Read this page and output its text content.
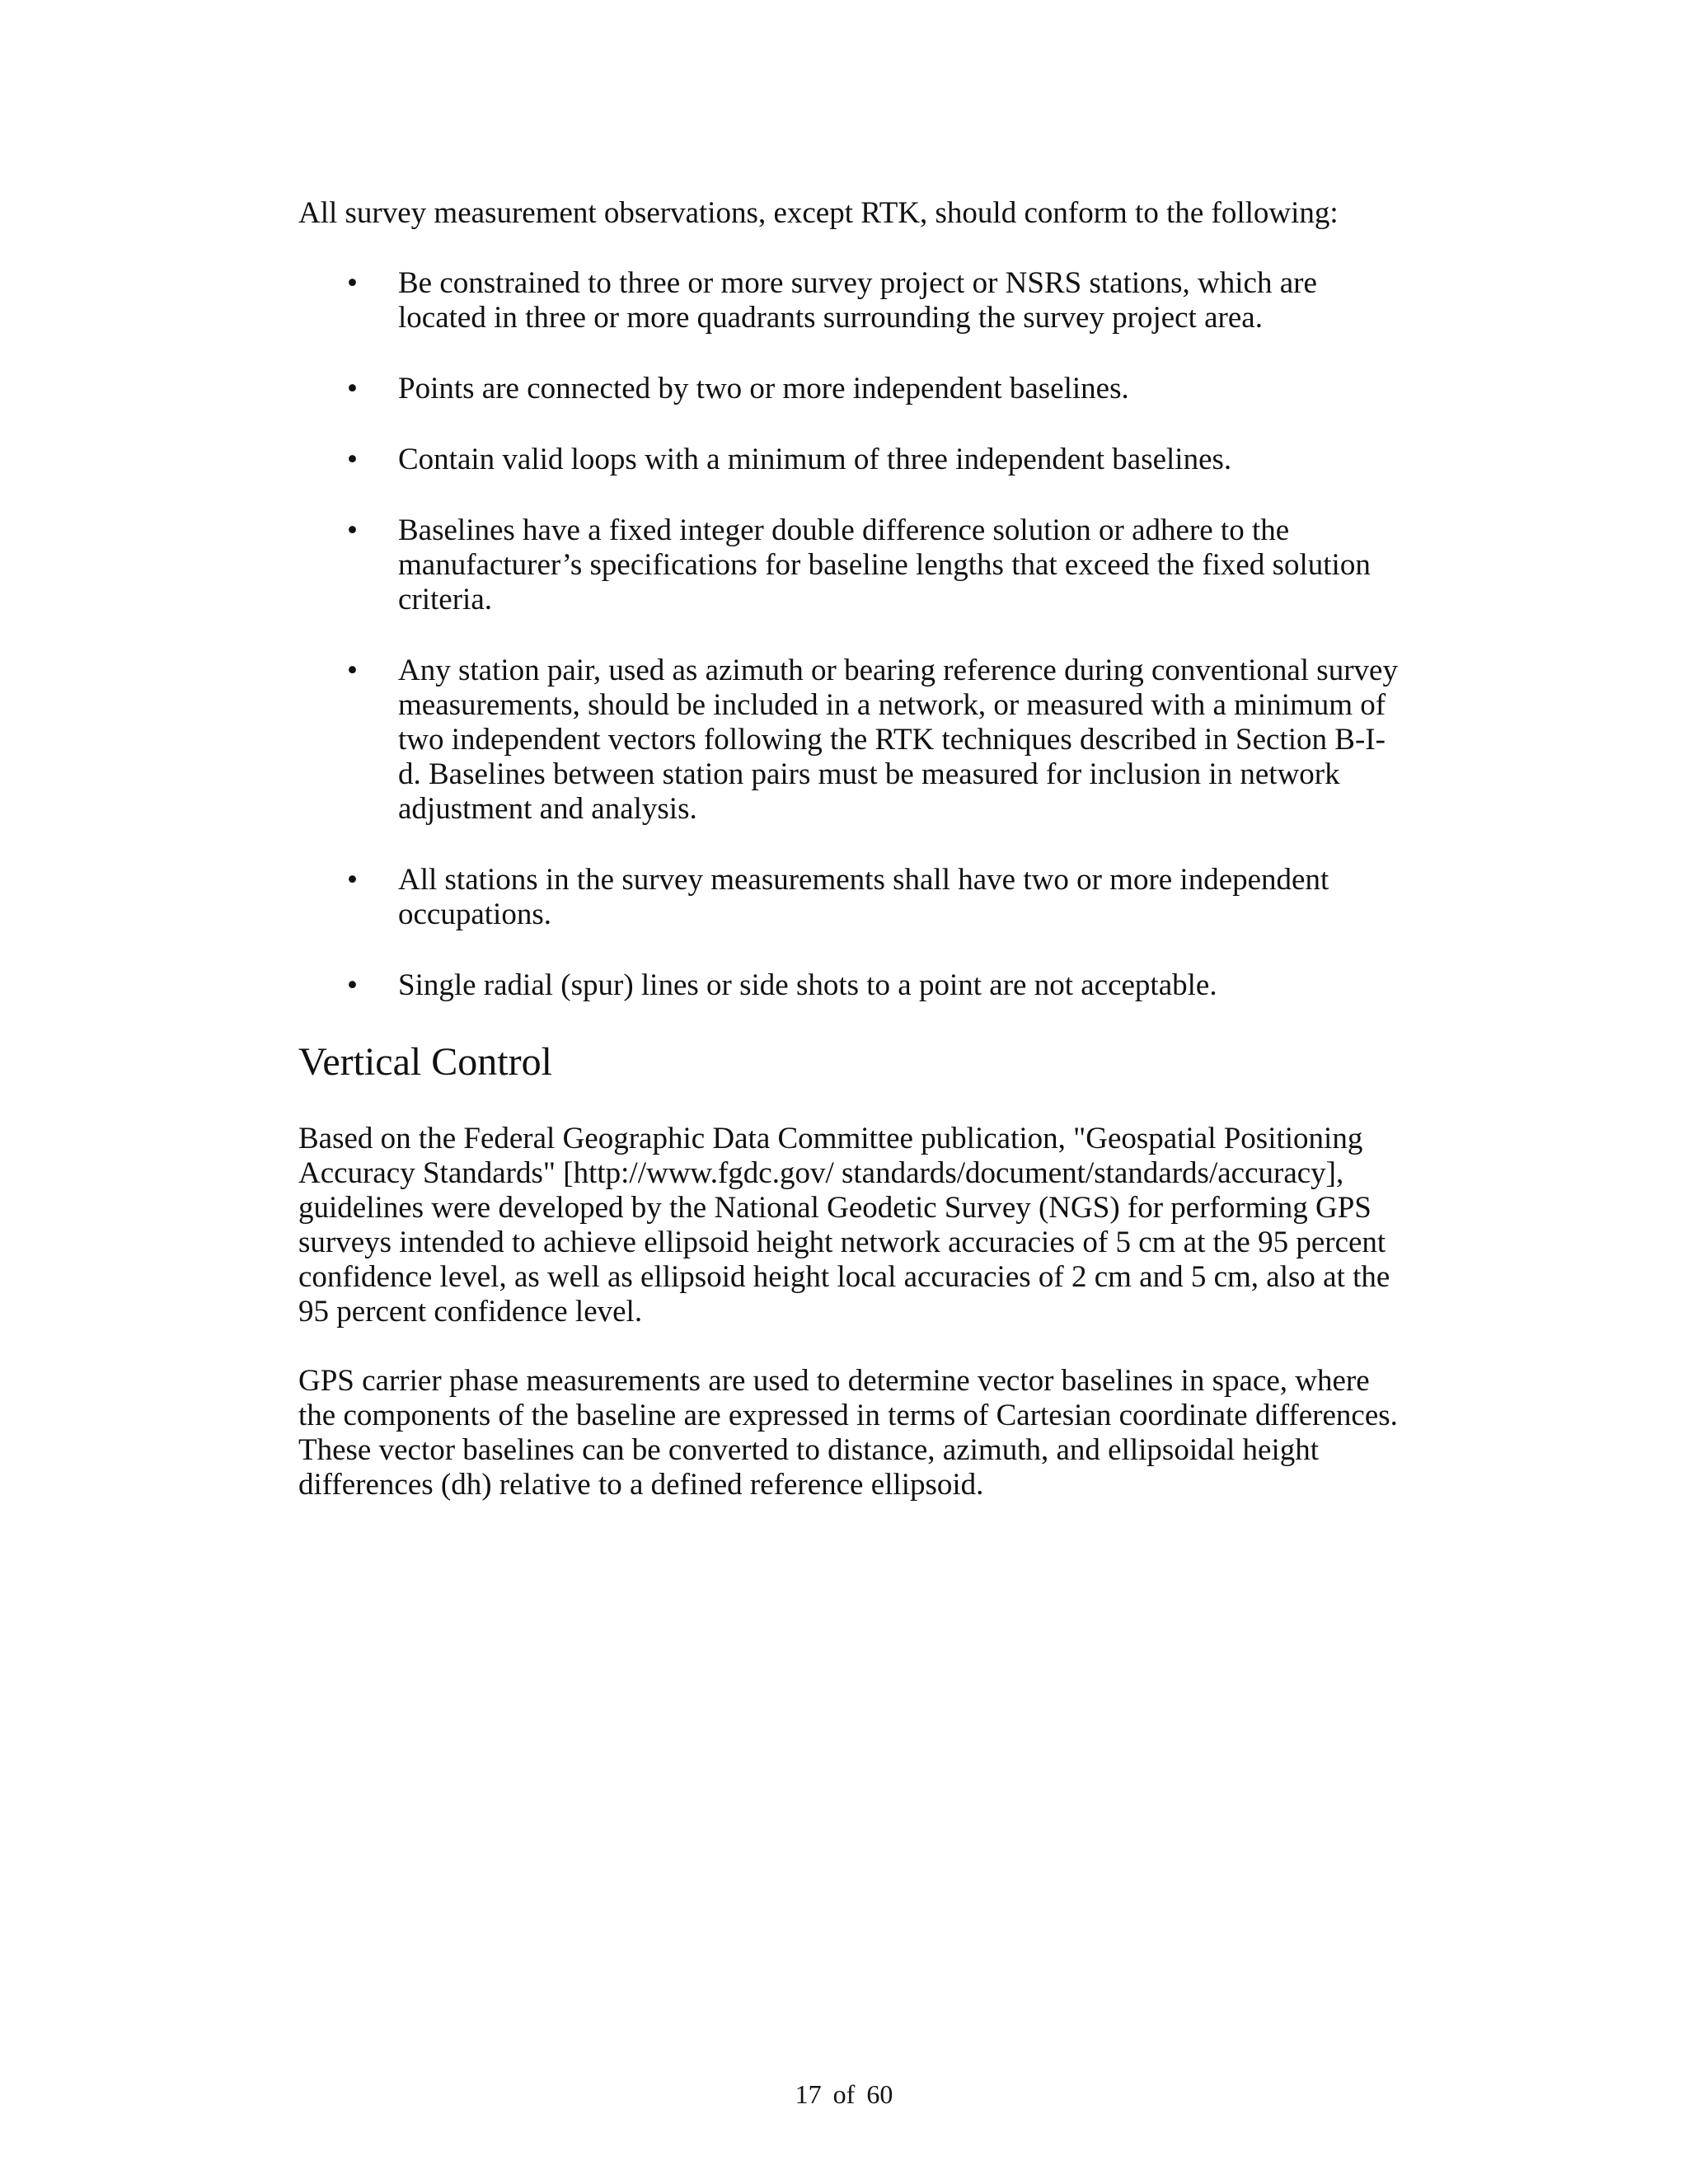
All survey measurement observations, except RTK, should conform to the following:

• Be constrained to three or more survey project or NSRS stations, which are located in three or more quadrants surrounding the survey project area.
• Points are connected by two or more independent baselines.
• Contain valid loops with a minimum of three independent baselines.
• Baselines have a fixed integer double difference solution or adhere to the manufacturer’s specifications for baseline lengths that exceed the fixed solution criteria.
• Any station pair, used as azimuth or bearing reference during conventional survey measurements, should be included in a network, or measured with a minimum of two independent vectors following the RTK techniques described in Section B-I-d. Baselines between station pairs must be measured for inclusion in network adjustment and analysis.
• All stations in the survey measurements shall have two or more independent occupations.
• Single radial (spur) lines or side shots to a point are not acceptable.
Vertical Control

Based on the Federal Geographic Data Committee publication, "Geospatial Positioning Accuracy Standards" [http://www.fgdc.gov/ standards/document/standards/accuracy], guidelines were developed by the National Geodetic Survey (NGS) for performing GPS surveys intended to achieve ellipsoid height network accuracies of 5 cm at the 95 percent confidence level, as well as ellipsoid height local accuracies of 2 cm and 5 cm, also at the 95 percent confidence level.

GPS carrier phase measurements are used to determine vector baselines in space, where the components of the baseline are expressed in terms of Cartesian coordinate differences. These vector baselines can be converted to distance, azimuth, and ellipsoidal height differences (dh) relative to a defined reference ellipsoid.

17 of 60
